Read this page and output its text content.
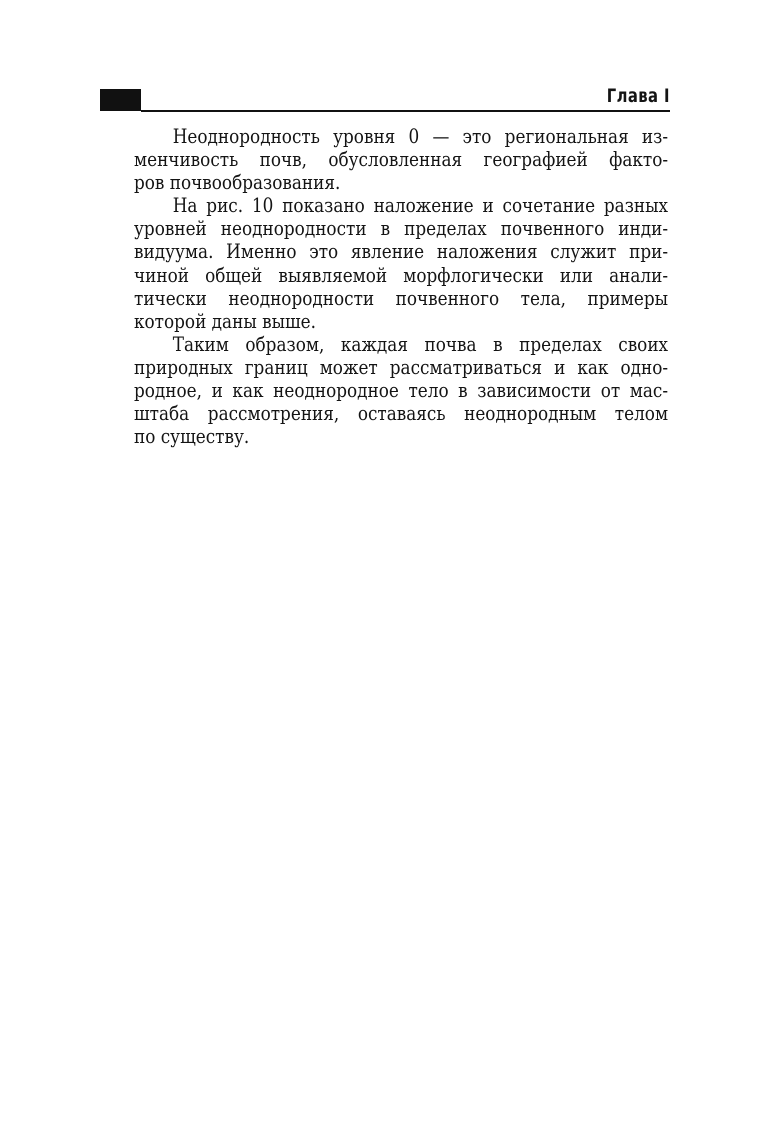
Глава I

Неоднородность уровня 0 — это региональная из-
менчивость почв, обусловленная географией факто-
ров почвообразования.

На рис. 10 показано наложение и сочетание разных
уровней неоднородности в пределах почвенного инди-
видуума. Именно это явление наложения служит при-
чиной общей выявляемой морфлогически или анали-
тически неоднородности почвенного тела, примеры
которой даны выше.

Таким образом, каждая почва в пределах своих
природных границ может рассматриваться и как одно-
родное, и как неоднородное тело в зависимости от мас-
штаба рассмотрения, оставаясь неоднородным телом
по существу.
